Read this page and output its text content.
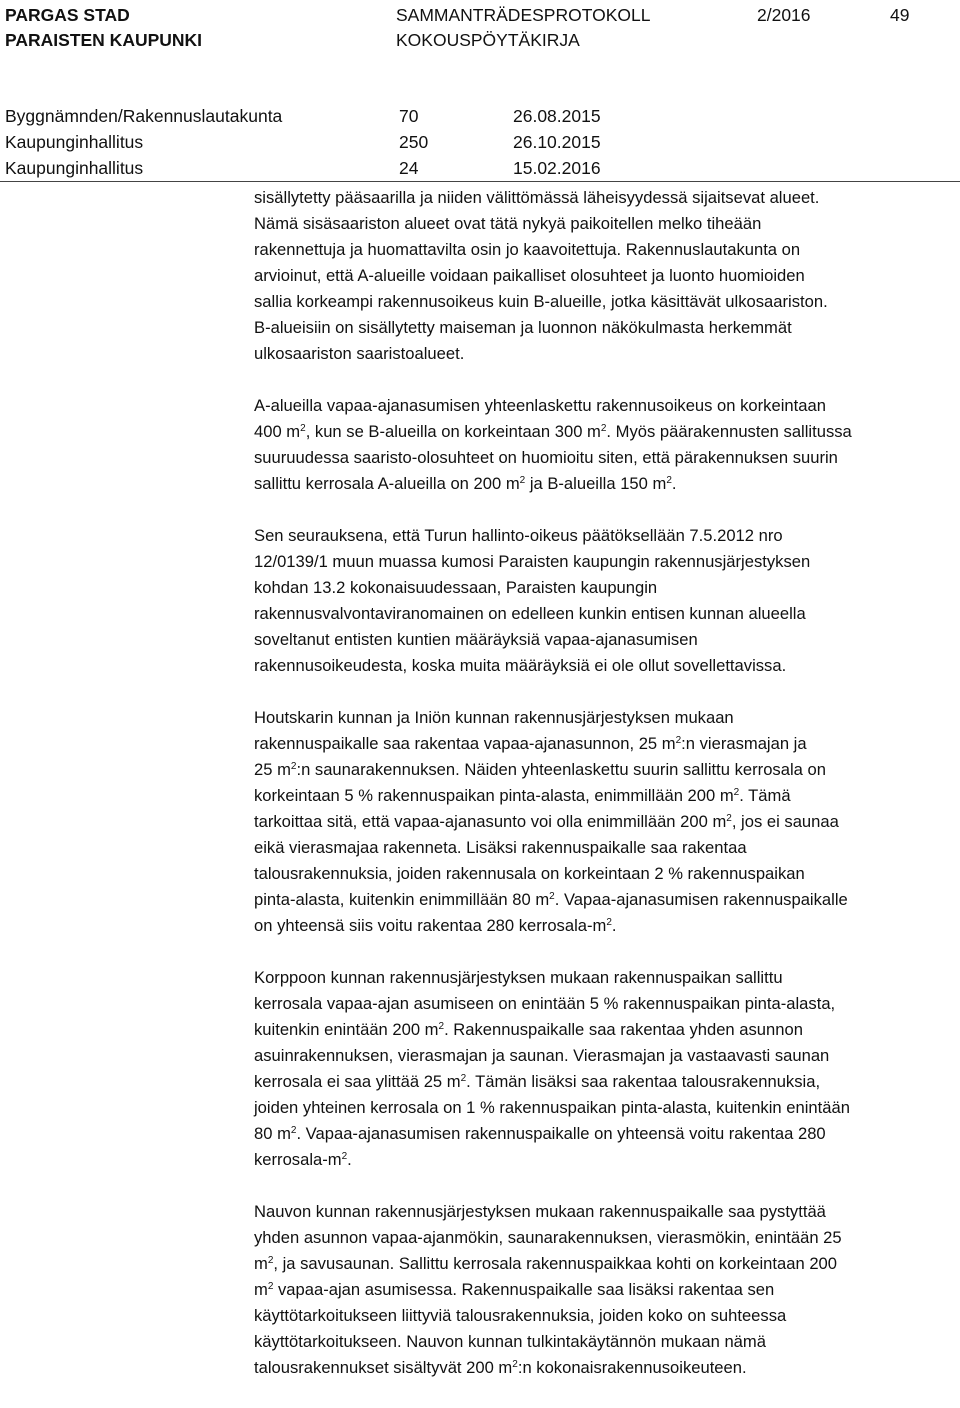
PARGAS STAD
PARAISTEN KAUPUNKI
SAMMANTRÄDESPROTOKOLL
KOKOUSPÖYTÄKIRJA
2/2016	49
Byggnämnden/Rakennuslautakunta	70	26.08.2015
Kaupunginhallitus	250	26.10.2015
Kaupunginhallitus	24	15.02.2016

sisällytetty pääsaarilla ja niiden välittömässä läheisyydessä sijaitsevat alueet.
Nämä sisäsaariston alueet ovat tätä nykyä paikoitellen melko tiheään
rakennettuja ja huomattavilta osin jo kaavoitettuja. Rakennuslautakunta on
arvioinut, että A-alueille voidaan paikalliset olosuhteet ja luonto huomioiden
sallia korkeampi rakennusoikeus kuin B-alueille, jotka käsittävät ulkosaariston.
B-alueisiin on sisällytetty maiseman ja luonnon näkökulmasta herkemmät
ulkosaariston saaristoalueet.

A-alueilla vapaa-ajanasumisen yhteenlaskettu rakennusoikeus on korkeintaan
400 $m^2$, kun se B-alueilla on korkeintaan 300 $m^2$. Myös päärakennusten sallitussa
suuruudessa saaristo-olosuhteet on huomioitu siten, että pärakennuksen suurin
sallittu kerrosala A-alueilla on 200 $m^2$ ja B-alueilla 150 $m^2$.

Sen seurauksena, että Turun hallinto-oikeus päätöksellään 7.5.2012 nro
12/0139/1 muun muassa kumosi Paraisten kaupungin rakennusjärjestyksen
kohdan 13.2 kokonaisuudessaan, Paraisten kaupungin
rakennusvalvontaviranomainen on edelleen kunkin entisen kunnan alueella
soveltanut entisten kuntien määräyksiä vapaa-ajanasumisen
rakennusoikeudesta, koska muita määräyksiä ei ole ollut sovellettavissa.

Houtskarin kunnan ja Iniön kunnan rakennusjärjestyksen mukaan
rakennuspaikalle saa rakentaa vapaa-ajanasunnon, 25 $m^2:n$ vierasmajan ja
25 $m^2:n$ saunarakennuksen. Näiden yhteenlaskettu suurin sallittu kerrosala on
korkeintaan 5 % rakennuspaikan pinta-alasta, enimmillään 200 $m^2$. Tämä
tarkoittaa sitä, että vapaa-ajanasunto voi olla enimmillään 200 $m^2$, jos ei saunaa
eikä vierasmajaa rakenneta. Lisäksi rakennuspaikalle saa rakentaa
talousrakennuksia, joiden rakennusala on korkeintaan 2 % rakennuspaikan
pinta-alasta, kuitenkin enimmillään 80 $m^2$. Vapaa-ajanasumisen rakennuspaikalle
on yhteensä siis voitu rakentaa 280 kerrosala-$m^2$.

Korppoon kunnan rakennusjärjestyksen mukaan rakennuspaikan sallittu
kerrosala vapaa-ajan asumiseen on enintään 5 % rakennuspaikan pinta-alasta,
kuitenkin enintään 200 $m^2$. Rakennuspaikalle saa rakentaa yhden asunnon
asuinrakennuksen, vierasmajan ja saunan. Vierasmajan ja vastaavasti saunan
kerrosala ei saa ylittää 25 $m^2$. Tämän lisäksi saa rakentaa talousrakennuksia,
joiden yhteinen kerrosala on 1 % rakennuspaikan pinta-alasta, kuitenkin enintään
80 $m^2$. Vapaa-ajanasumisen rakennuspaikalle on yhteensä voitu rakentaa 280
kerrosala-$m^2$.

Nauvon kunnan rakennusjärjestyksen mukaan rakennuspaikalle saa pystyttää
yhden asunnon vapaa-ajanmökin, saunarakennuksen, vierasmökin, enintään 25
$m^2$, ja savusaunan. Sallittu kerrosala rakennuspaikkaa kohti on korkeintaan 200
$m^2$ vapaa-ajan asumisessa. Rakennuspaikalle saa lisäksi rakentaa sen
käyttötarkoitukseen liittyviä talousrakennuksia, joiden koko on suhteessa
käyttötarkoitukseen. Nauvon kunnan tulkintakäytännön mukaan nämä
talousrakennukset sisältyvät 200 $m^2:n$ kokonaisrakennusoikeuteen.
